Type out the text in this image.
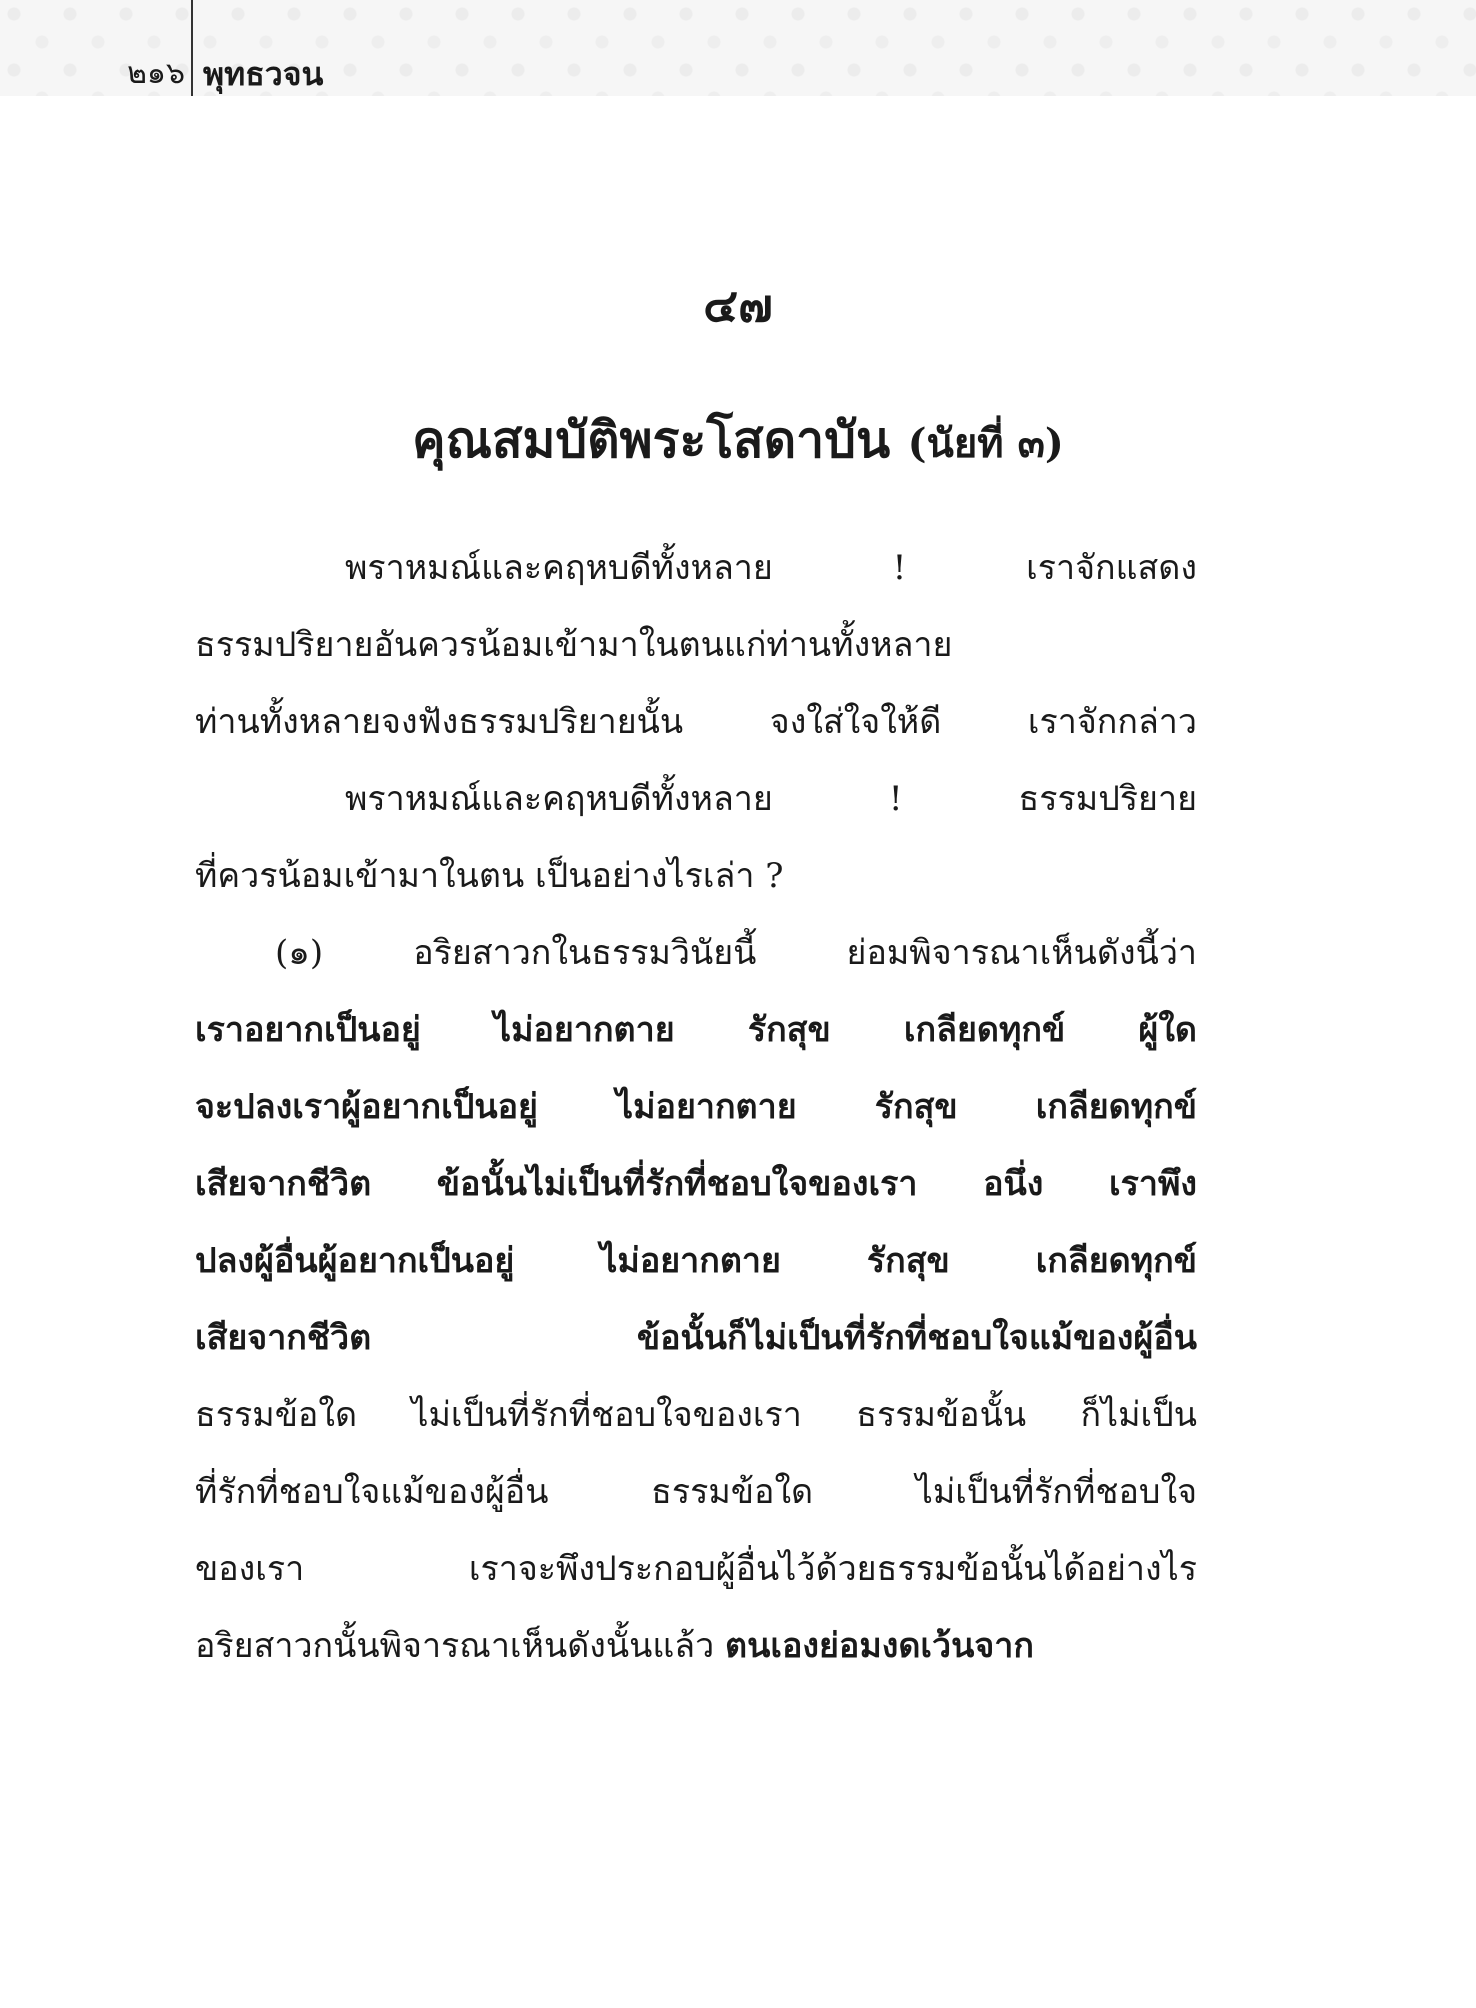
๒๑๖ พุทธวจน
๔๗
คุณสมบัติพระโสดาบัน (นัยที่ ๓)
พราหมณ์และคฤหบดีทั้งหลาย ! เราจักแสดง
ธรรมปริยายอันควรน้อมเข้ามาในตนแก่ท่านทั้งหลาย
ท่านทั้งหลายจงฟังธรรมปริยายนั้น จงใส่ใจให้ดี เราจักกล่าว
พราหมณ์และคฤหบดีทั้งหลาย ! ธรรมปริยาย
ที่ควรน้อมเข้ามาในตน เป็นอย่างไรเล่า ?
(๑) อริยสาวกในธรรมวินัยนี้ ย่อมพิจารณาเห็นดังนี้ว่า
เราอยากเป็นอยู่ ไม่อยากตาย รักสุข เกลียดทุกข์ ผู้ใด
จะปลงเราผู้อยากเป็นอยู่ ไม่อยากตาย รักสุข เกลียดทุกข์
เสียจากชีวิต ข้อนั้นไม่เป็นที่รักที่ชอบใจของเรา อนึ่ง เราพึง
ปลงผู้อื่นผู้อยากเป็นอยู่ ไม่อยากตาย รักสุข เกลียดทุกข์
เสียจากชีวิต ข้อนั้นก็ไม่เป็นที่รักที่ชอบใจแม้ของผู้อื่น
ธรรมข้อใด ไม่เป็นที่รักที่ชอบใจของเรา ธรรมข้อนั้น ก็ไม่เป็น
ที่รักที่ชอบใจแม้ของผู้อื่น ธรรมข้อใด ไม่เป็นที่รักที่ชอบใจ
ของเรา เราจะพึงประกอบผู้อื่นไว้ด้วยธรรมข้อนั้นได้อย่างไร
อริยสาวกนั้นพิจารณาเห็นดังนั้นแล้ว ตนเองย่อมงดเว้นจาก
